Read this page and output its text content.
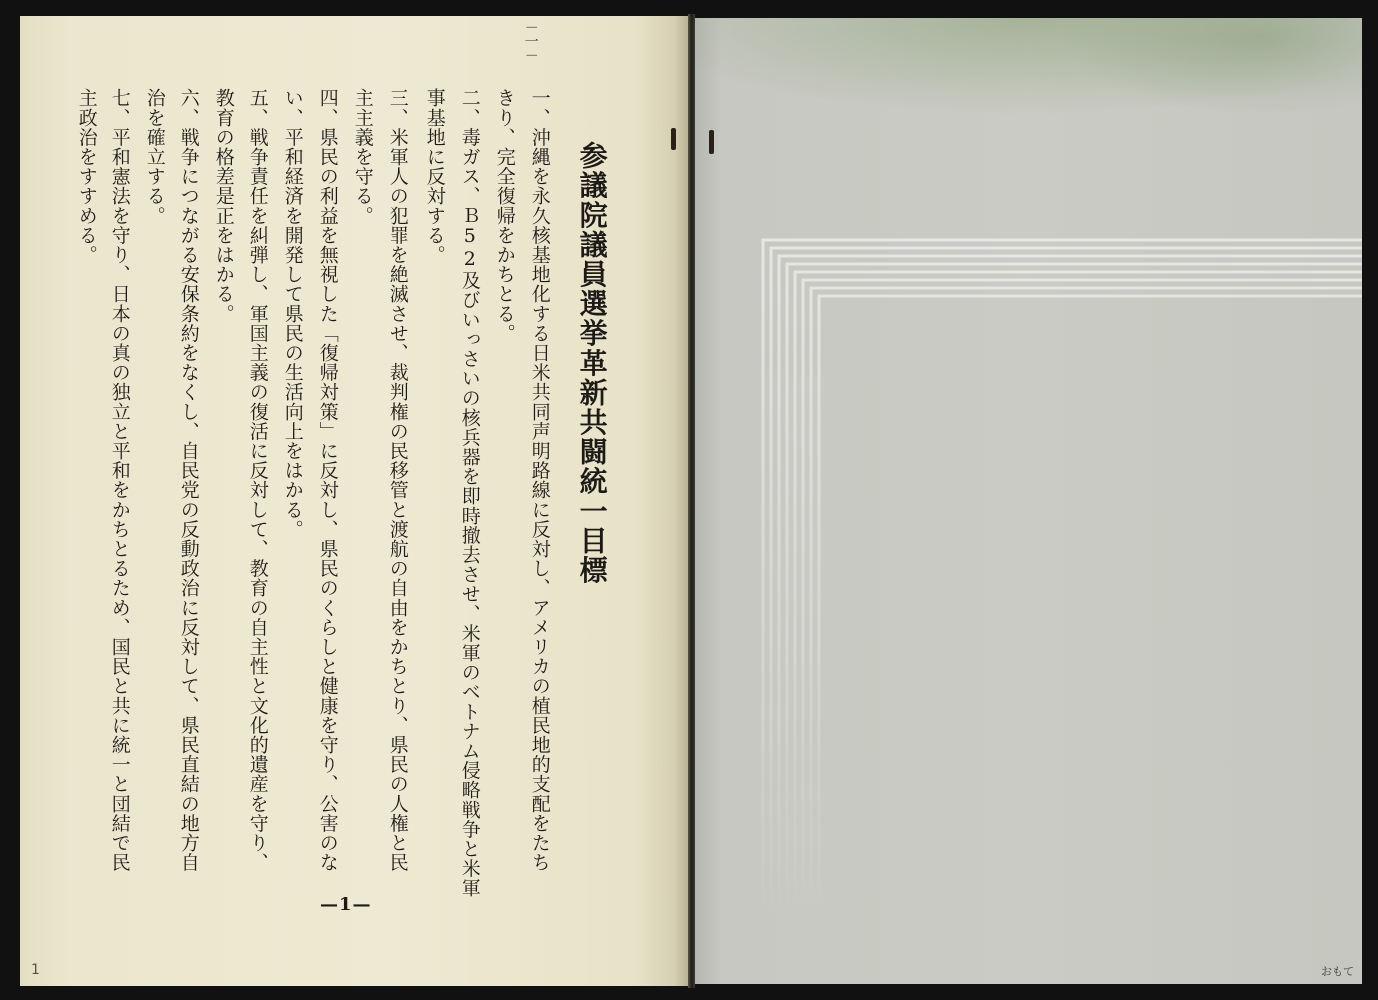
－一－
参議院議員選挙革新共闘統一目標
一、沖縄を永久核基地化する日米共同声明路線に反対し、アメリカの植民地的支配をたち
きり、完全復帰をかちとる。
二、毒ガス、Ｂ52及びいっさいの核兵器を即時撤去させ、米軍のベトナム侵略戦争と米軍
事基地に反対する。
三、米軍人の犯罪を絶滅させ、裁判権の民移管と渡航の自由をかちとり、県民の人権と民
主主義を守る。
四、県民の利益を無視した「復帰対策」に反対し、県民のくらしと健康を守り、公害のな
い、平和経済を開発して県民の生活向上をはかる。
五、戦争責任を糾弾し、軍国主義の復活に反対して、教育の自主性と文化的遺産を守り、
教育の格差是正をはかる。
六、戦争につながる安保条約をなくし、自民党の反動政治に反対して、県民直結の地方自
治を確立する。
七、平和憲法を守り、日本の真の独立と平和をかちとるため、国民と共に統一と団結で民
主政治をすすめる。
—1—
1	おもて
